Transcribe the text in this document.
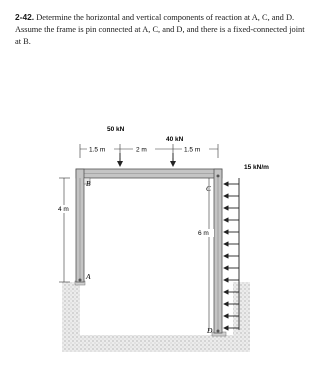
2-42. Determine the horizontal and vertical components of reaction at A, C, and D. Assume the frame is pin connected at A, C, and D, and there is a fixed-connected joint at B.
B
C
A
D
50 kN
40 kN
1.5 m	2 m	1.5 m
15 kN/m
4 m
6 m
